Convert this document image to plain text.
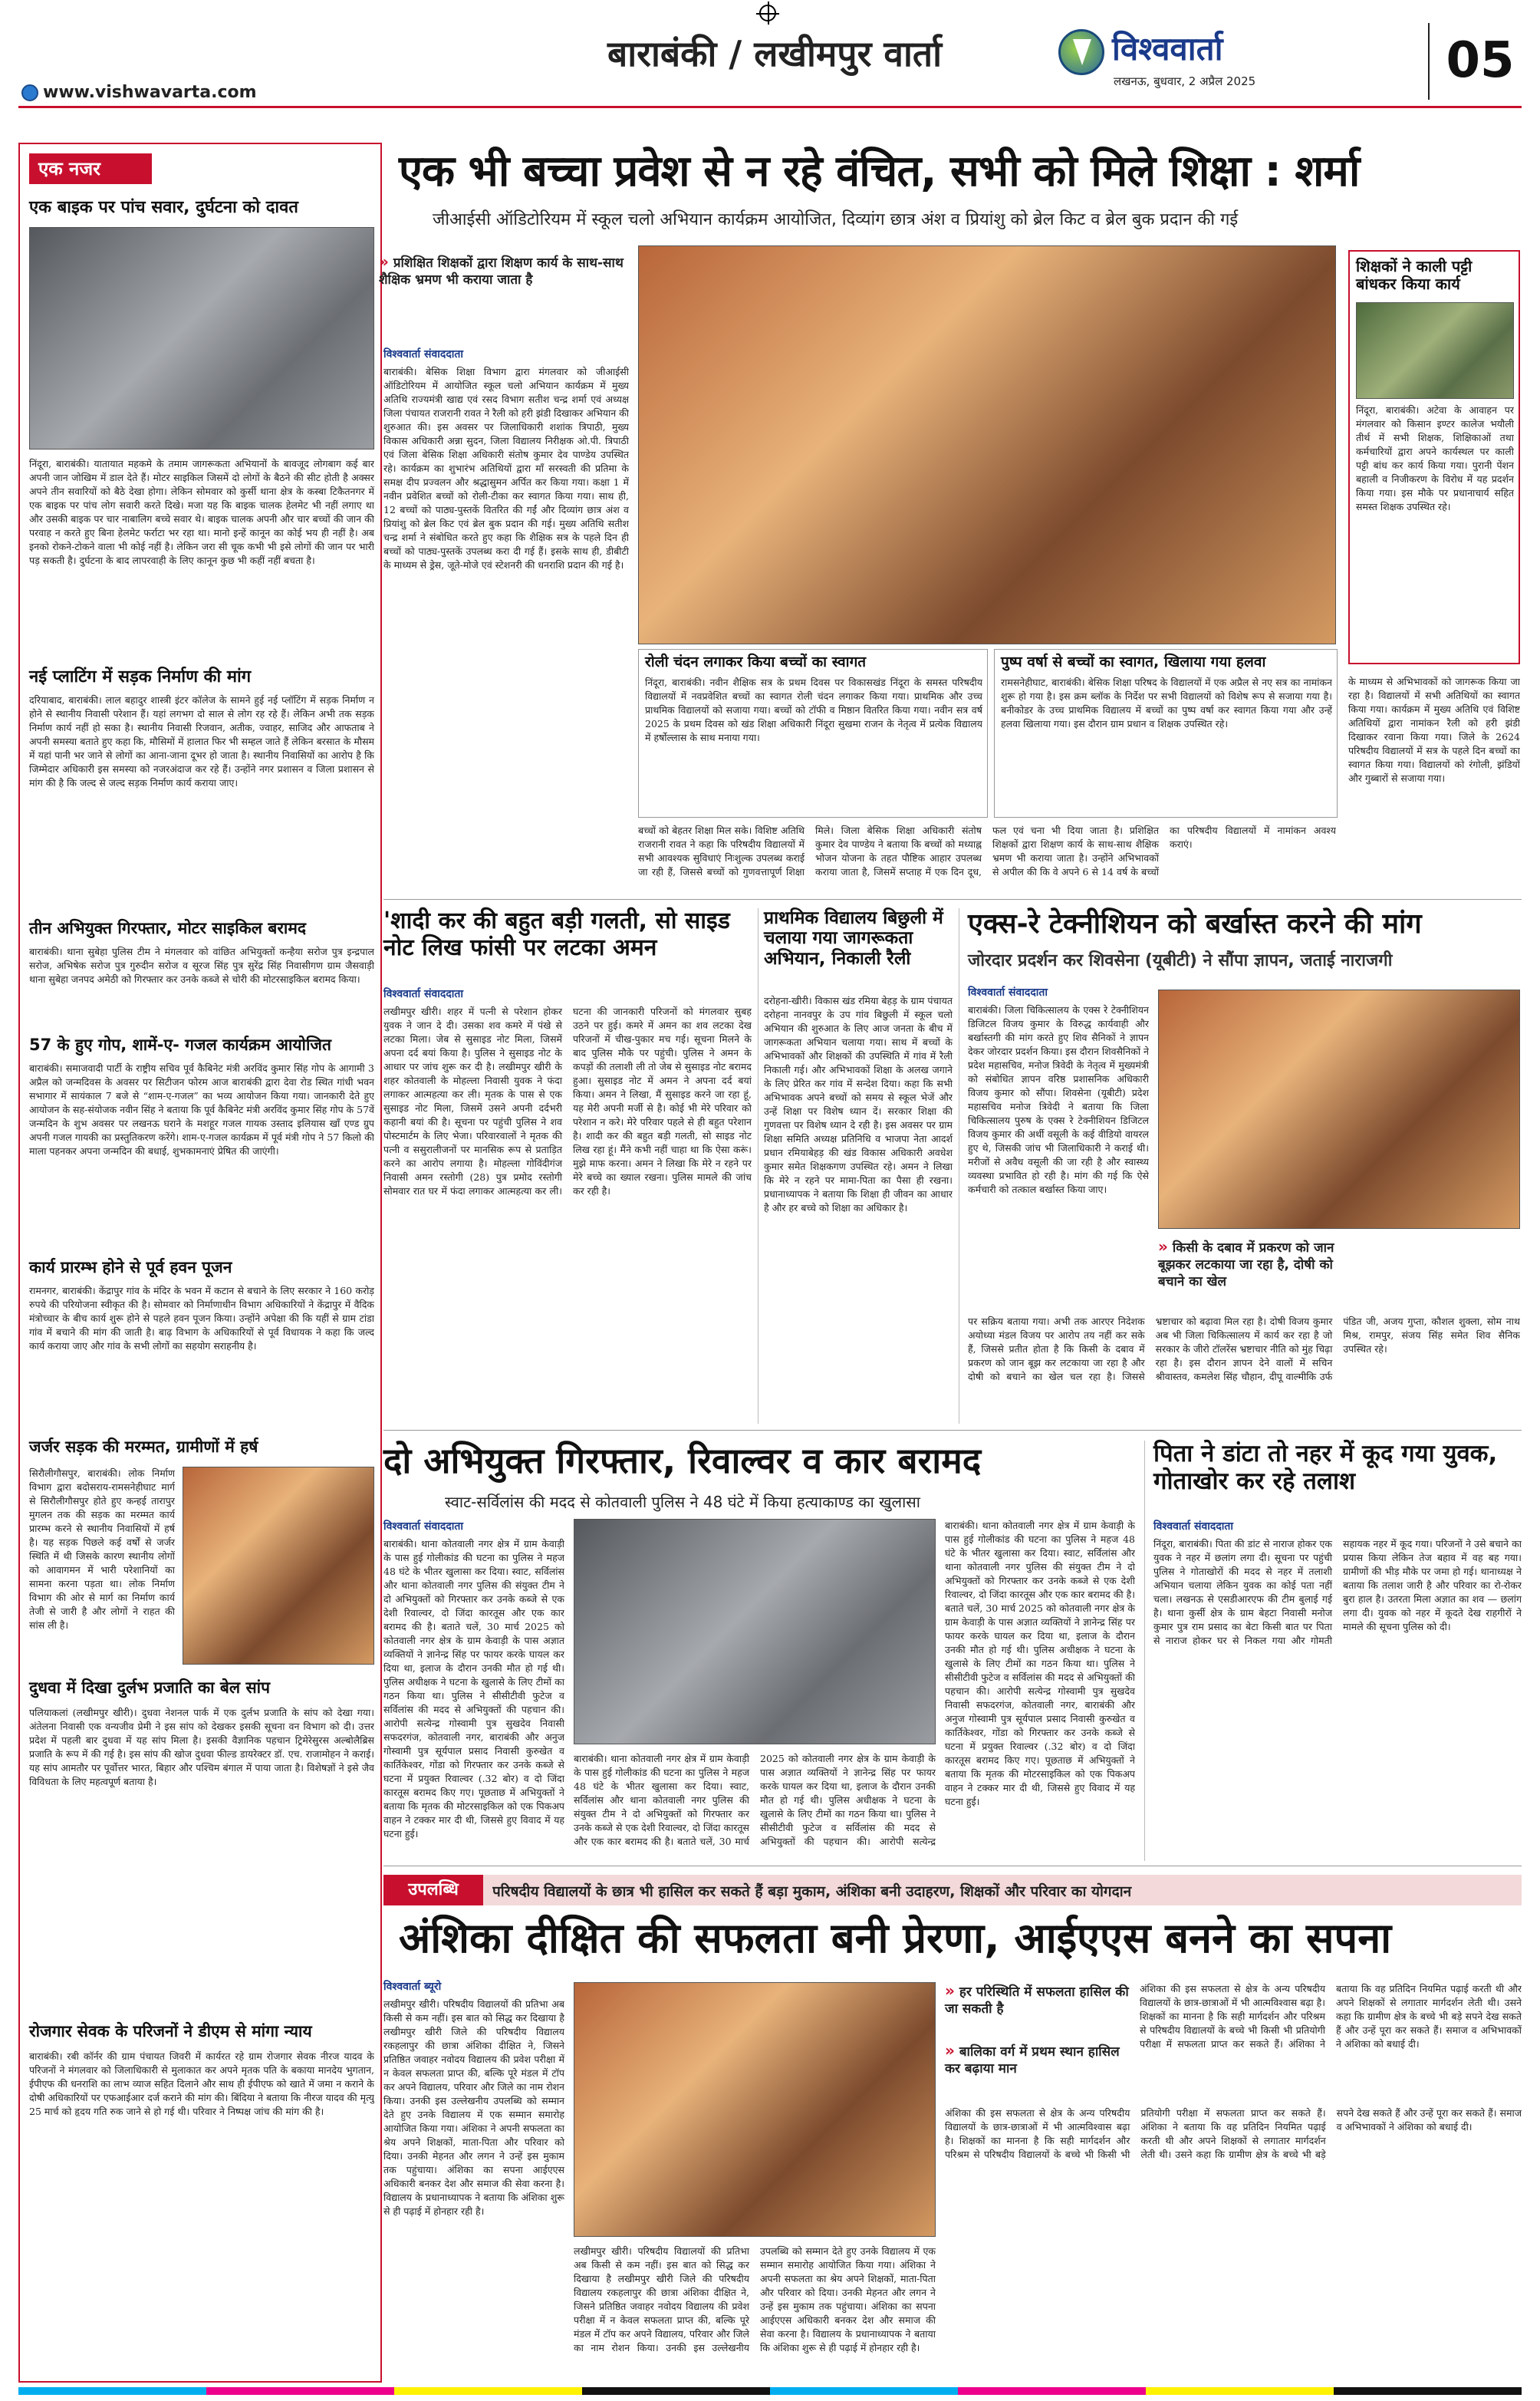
बाराबंकी / लखीमपुर वार्ता	विश्ववार्ता
लखनऊ, बुधवार, 2 अप्रैल 2025	05
www.vishwavarta.com
एक नजर
एक बाइक पर पांच सवार, दुर्घटना को दावत
निंदूरा, बाराबंकी। यातायात महकमे के तमाम जागरूकता अभियानों के बावजूद लोगबाग कई बार अपनी जान जोखिम में डाल देते हैं। मोटर साइकिल जिसमें दो लोगों के बैठने की सीट होती है अक्सर अपने तीन सवारियों को बैठे देखा होगा। लेकिन सोमवार को कुर्सी थाना क्षेत्र के कस्बा टिकैतनगर में एक बाइक पर पांच लोग सवारी करते दिखे। मजा यह कि बाइक चालक हेलमेट भी नहीं लगाए था और उसकी बाइक पर चार नाबालिग बच्चे सवार थे। बाइक चालक अपनी और चार बच्चों की जान की परवाह न करते हुए बिना हेलमेट फर्राटा भर रहा था। मानो इन्हें कानून का कोई भय ही नहीं है। अब इनको रोकने-टोकने वाला भी कोई नहीं है। लेकिन जरा सी चूक कभी भी इसे लोगों की जान पर भारी पड़ सकती है। दुर्घटना के बाद लापरवाही के लिए कानून कुछ भी कहीं नहीं बचता है।
नई प्लाटिंग में सड़क निर्माण की मांग
दरियाबाद, बाराबंकी। लाल बहादुर शास्त्री इंटर कॉलेज के सामने हुई नई प्लॉटिंग में सड़क निर्माण न होने से स्थानीय निवासी परेशान हैं। यहां लगभग दो साल से लोग रह रहे हैं। लेकिन अभी तक सड़क निर्माण कार्य नहीं हो सका है। स्थानीय निवासी रिजवान, अतीक, ज्वाहर, साजिद और आफताब ने अपनी समस्या बताते हुए कहा कि, मौसिमों में हालात फिर भी सम्हल जाते हैं लेकिन बरसात के मौसम में यहां पानी भर जाने से लोगों का आना-जाना दूभर हो जाता है। स्थानीय निवासियों का आरोप है कि जिम्मेदार अधिकारी इस समस्या को नजरअंदाज कर रहे हैं। उन्होंने नगर प्रशासन व जिला प्रशासन से मांग की है कि जल्द से जल्द सड़क निर्माण कार्य कराया जाए।
तीन अभियुक्त गिरफ्तार, मोटर साइकिल बरामद
बाराबंकी। थाना सुबेहा पुलिस टीम ने मंगलवार को वांछित अभियुक्तों कन्हैया सरोज पुत्र इन्द्रपाल सरोज, अभिषेक सरोज पुत्र गुरुदीन सरोज व सूरज सिंह पुत्र सुरेंद्र सिंह निवासीगण ग्राम जैसवाड़ी थाना सुबेहा जनपद अमेठी को गिरफ्तार कर उनके कब्जे से चोरी की मोटरसाइकिल बरामद किया।
57 के हुए गोप, शामें-ए- गजल कार्यक्रम आयोजित
बाराबंकी। समाजवादी पार्टी के राष्ट्रीय सचिव पूर्व कैबिनेट मंत्री अरविंद कुमार सिंह गोप के आगामी 3 अप्रैल को जन्मदिवस के अवसर पर सिटीजन फोरम आज बाराबंकी द्वारा देवा रोड स्थित गांधी भवन सभागार में सायंकाल 7 बजे से “शाम-ए-गजल” का भव्य आयोजन किया गया। जानकारी देते हुए आयोजन के सह-संयोजक नवीन सिंह ने बताया कि पूर्व कैबिनेट मंत्री अरविंद कुमार सिंह गोप के 57वें जन्मदिन के शुभ अवसर पर लखनऊ घराने के मशहूर गजल गायक उस्ताद इलियास खाँ एण्ड ग्रुप अपनी गजल गायकी का प्रस्तुतिकरण करेंगे। शाम-ए-गजल कार्यक्रम में पूर्व मंत्री गोप ने 57 किलो की माला पहनकर अपना जन्मदिन की बधाई, शुभकामनाएं प्रेषित की जाएंगी।
कार्य प्रारम्भ होने से पूर्व हवन पूजन
रामनगर, बाराबंकी। केंद्रापुर गांव के मंदिर के भवन में कटान से बचाने के लिए सरकार ने 160 करोड़ रुपये की परियोजना स्वीकृत की है। सोमवार को निर्माणाधीन विभाग अधिकारियों ने केंद्रापुर में वैदिक मंत्रोच्चार के बीच कार्य शुरू होने से पहले हवन पूजन किया। उन्होंने अपेक्षा की कि यहीं से ग्राम टांडा गांव में बचाने की मांग की जाती है। बाढ़ विभाग के अधिकारियों से पूर्व विधायक ने कहा कि जल्द कार्य कराया जाए और गांव के सभी लोगों का सहयोग सराहनीय है।
जर्जर सड़क की मरम्मत, ग्रामीणों में हर्ष
सिरौलीगौसपुर, बाराबंकी। लोक निर्माण विभाग द्वारा बदोसराय-रामसनेहीघाट मार्ग से सिरौलीगौसपुर होते हुए कन्हई तारापुर मुगलन तक की सड़क का मरम्मत कार्य प्रारम्भ करने से स्थानीय निवासियों में हर्ष है। यह सड़क पिछले कई वर्षों से जर्जर स्थिति में थी जिसके कारण स्थानीय लोगों को आवागमन में भारी परेशानियों का सामना करना पड़ता था। लोक निर्माण विभाग की ओर से मार्ग का निर्माण कार्य तेजी से जारी है और लोगों ने राहत की सांस ली है।
दुधवा में दिखा दुर्लभ प्रजाति का बेल सांप
पलियाकलां (लखीमपुर खीरी)। दुधवा नेशनल पार्क में एक दुर्लभ प्रजाति के सांप को देखा गया। अंतेलना निवासी एक वन्यजीव प्रेमी ने इस सांप को देखकर इसकी सूचना वन विभाग को दी। उत्तर प्रदेश में पहली बार दुधवा में यह सांप मिला है। इसकी वैज्ञानिक पहचान ट्रिमेरेसुरस अल्बोलैब्रिस प्रजाति के रूप में की गई है। इस सांप की खोज दुधवा फील्ड डायरेक्टर डॉ. एच. राजामोहन ने कराई। यह सांप आमतौर पर पूर्वोत्तर भारत, बिहार और पश्चिम बंगाल में पाया जाता है। विशेषज्ञों ने इसे जैव विविधता के लिए महत्वपूर्ण बताया है।
रोजगार सेवक के परिजनों ने डीएम से मांगा न्याय
बाराबंकी। रबी कॉर्नर की ग्राम पंचायत जिवरी में कार्यरत रहे ग्राम रोजगार सेवक नीरज यादव के परिजनों ने मंगलवार को जिलाधिकारी से मुलाकात कर अपने मृतक पति के बकाया मानदेय भुगतान, ईपीएफ की धनराशि का लाभ व्याज सहित दिलाने और साथ ही ईपीएफ को खाते में जमा न कराने के दोषी अधिकारियों पर एफआईआर दर्ज कराने की मांग की। बिंदिया ने बताया कि नीरज यादव की मृत्यु 25 मार्च को हृदय गति रुक जाने से हो गई थी। परिवार ने निष्पक्ष जांच की मांग की है।
एक भी बच्चा प्रवेश से न रहे वंचित, सभी को मिले शिक्षा : शर्मा
जीआईसी ऑडिटोरियम में स्कूल चलो अभियान कार्यक्रम आयोजित, दिव्यांग छात्र अंश व प्रियांशु को ब्रेल किट व ब्रेल बुक प्रदान की गई
» प्रशिक्षित शिक्षकों द्वारा शिक्षण कार्य के साथ-साथ शैक्षिक भ्रमण भी कराया जाता है
विश्ववार्ता संवाददाता
बाराबंकी। बेसिक शिक्षा विभाग द्वारा मंगलवार को जीआईसी ऑडिटोरियम में आयोजित स्कूल चलो अभियान कार्यक्रम में मुख्य अतिथि राज्यमंत्री खाद्य एवं रसद विभाग सतीश चन्द्र शर्मा एवं अध्यक्ष जिला पंचायत राजरानी रावत ने रैली को हरी झंडी दिखाकर अभियान की शुरुआत की। इस अवसर पर जिलाधिकारी शशांक त्रिपाठी, मुख्य विकास अधिकारी अन्ना सुदन, जिला विद्यालय निरीक्षक ओ.पी. त्रिपाठी एवं जिला बेसिक शिक्षा अधिकारी संतोष कुमार देव पाण्डेय उपस्थित रहे। कार्यक्रम का शुभारंभ अतिथियों द्वारा माँ सरस्वती की प्रतिमा के समक्ष दीप प्रज्वलन और श्रद्धासुमन अर्पित कर किया गया। कक्षा 1 में नवीन प्रवेशित बच्चों को रोली-टीका कर स्वागत किया गया। साथ ही, 12 बच्चों को पाठ्य-पुस्तकें वितरित की गईं और दिव्यांग छात्र अंश व प्रियांशु को ब्रेल किट एवं ब्रेल बुक प्रदान की गई। मुख्य अतिथि सतीश चन्द्र शर्मा ने संबोधित करते हुए कहा कि शैक्षिक सत्र के पहले दिन ही बच्चों को पाठ्य-पुस्तकें उपलब्ध करा दी गई हैं। इसके साथ ही, डीबीटी के माध्यम से ड्रेस, जूते-मोजे एवं स्टेशनरी की धनराशि प्रदान की गई है।
शिक्षकों ने काली पट्टी बांधकर किया कार्य
निंदूरा, बाराबंकी। अटेवा के आवाहन पर मंगलवार को किसान इण्टर कालेज भयौली तीर्थ में सभी शिक्षक, शिक्षिकाओं तथा कर्मचारियों द्वारा अपने कार्यस्थल पर काली पट्टी बांध कर कार्य किया गया। पुरानी पेंशन बहाली व निजीकरण के विरोध में यह प्रदर्शन किया गया। इस मौके पर प्रधानाचार्य सहित समस्त शिक्षक उपस्थित रहे।
के माध्यम से अभिभावकों को जागरूक किया जा रहा है। विद्यालयों में सभी अतिथियों का स्वागत किया गया। कार्यक्रम में मुख्य अतिथि एवं विशिष्ट अतिथियों द्वारा नामांकन रैली को हरी झंडी दिखाकर रवाना किया गया। जिले के 2624 परिषदीय विद्यालयों में सत्र के पहले दिन बच्चों का स्वागत किया गया। विद्यालयों को रंगोली, झंडियों और गुब्बारों से सजाया गया।
रोली चंदन लगाकर किया बच्चों का स्वागत
निंदूरा, बाराबंकी। नवीन शैक्षिक सत्र के प्रथम दिवस पर विकासखंड निंदूरा के समस्त परिषदीय विद्यालयों में नवप्रवेशित बच्चों का स्वागत रोली चंदन लगाकर किया गया। प्राथमिक और उच्च प्राथमिक विद्यालयों को सजाया गया। बच्चों को टॉफी व मिष्ठान वितरित किया गया। नवीन सत्र वर्ष 2025 के प्रथम दिवस को खंड शिक्षा अधिकारी निंदूरा सुखमा राजन के नेतृत्व में प्रत्येक विद्यालय में हर्षोल्लास के साथ मनाया गया।
पुष्प वर्षा से बच्चों का स्वागत, खिलाया गया हलवा
रामसनेहीघाट, बाराबंकी। बेसिक शिक्षा परिषद के विद्यालयों में एक अप्रैल से नए सत्र का नामांकन शुरू हो गया है। इस क्रम ब्लॉक के निर्देश पर सभी विद्यालयों को विशेष रूप से सजाया गया है। बनीकोडर के उच्च प्राथमिक विद्यालय में बच्चों का पुष्प वर्षा कर स्वागत किया गया और उन्हें हलवा खिलाया गया। इस दौरान ग्राम प्रधान व शिक्षक उपस्थित रहे।
बच्चों को बेहतर शिक्षा मिल सके। विशिष्ट अतिथि राजरानी रावत ने कहा कि परिषदीय विद्यालयों में सभी आवश्यक सुविधाएं निःशुल्क उपलब्ध कराई जा रही हैं, जिससे बच्चों को गुणवत्तापूर्ण शिक्षा मिले। जिला बेसिक शिक्षा अधिकारी संतोष कुमार देव पाण्डेय ने बताया कि बच्चों को मध्याह्न भोजन योजना के तहत पौष्टिक आहार उपलब्ध कराया जाता है, जिसमें सप्ताह में एक दिन दूध, फल एवं चना भी दिया जाता है। प्रशिक्षित शिक्षकों द्वारा शिक्षण कार्य के साथ-साथ शैक्षिक भ्रमण भी कराया जाता है। उन्होंने अभिभावकों से अपील की कि वे अपने 6 से 14 वर्ष के बच्चों का परिषदीय विद्यालयों में नामांकन अवश्य कराएं।
'शादी कर की बहुत बड़ी गलती, सो साइड नोट लिख फांसी पर लटका अमन
विश्ववार्ता संवाददाता
लखीमपुर खीरी। शहर में पत्नी से परेशान होकर युवक ने जान दे दी। उसका शव कमरे में पंखे से लटका मिला। जेब से सुसाइड नोट मिला, जिसमें अपना दर्द बयां किया है। पुलिस ने सुसाइड नोट के आधार पर जांच शुरू कर दी है। लखीमपुर खीरी के शहर कोतवाली के मोहल्ला निवासी युवक ने फंदा लगाकर आत्महत्या कर ली। मृतक के पास से एक सुसाइड नोट मिला, जिसमें उसने अपनी दर्दभरी कहानी बयां की है। सूचना पर पहुंची पुलिस ने शव पोस्टमार्टम के लिए भेजा। परिवारवालों ने मृतक की पत्नी व ससुरालीजनों पर मानसिक रूप से प्रताड़ित करने का आरोप लगाया है। मोहल्ला गोविंदीगंज निवासी अमन रस्तोगी (28) पुत्र प्रमोद रस्तोगी सोमवार रात घर में फंदा लगाकर आत्महत्या कर ली। घटना की जानकारी परिजनों को मंगलवार सुबह उठने पर हुई। कमरे में अमन का शव लटका देख परिजनों में चीख-पुकार मच गई। सूचना मिलने के बाद पुलिस मौके पर पहुंची। पुलिस ने अमन के कपड़ों की तलाशी ली तो जेब से सुसाइड नोट बरामद हुआ। सुसाइड नोट में अमन ने अपना दर्द बयां किया। अमन ने लिखा, मैं सुसाइड करने जा रहा हूं, यह मेरी अपनी मर्जी से है। कोई भी मेरे परिवार को परेशान न करे। मेरे परिवार पहले से ही बहुत परेशान है। शादी कर की बहुत बड़ी गलती, सो साइड नोट लिख रहा हूं। मैंने कभी नहीं चाहा था कि ऐसा करूं। मुझे माफ करना। अमन ने लिखा कि मेरे न रहने पर मेरे बच्चे का ख्याल रखना। पुलिस मामले की जांच कर रही है।
प्राथमिक विद्यालय बिछुली में चलाया गया जागरूकता अभियान, निकाली रैली
दरोहना-खीरी। विकास खंड रमिया बेहड़ के ग्राम पंचायत दरोहना नानवपुर के उप गांव बिछुली में स्कूल चलो अभियान की शुरुआत के लिए आज जनता के बीच में जागरूकता अभियान चलाया गया। साथ में बच्चों के अभिभावकों और शिक्षकों की उपस्थिति में गांव में रैली निकाली गई। और अभिभावकों शिक्षा के अलख जगाने के लिए प्रेरित कर गांव में सन्देश दिया। कहा कि सभी अभिभावक अपने बच्चों को समय से स्कूल भेजें और उन्हें शिक्षा पर विशेष ध्यान दें। सरकार शिक्षा की गुणवत्ता पर विशेष ध्यान दे रही है। इस अवसर पर ग्राम शिक्षा समिति अध्यक्ष प्रतिनिधि व भाजपा नेता आदर्श प्रधान रमियाबेहड़ की खंड विकास अधिकारी अवधेश कुमार समेत शिक्षकगण उपस्थित रहे। अमन ने लिखा कि मेरे न रहने पर मामा-पिता का पैसा ही रखना। प्रधानाध्यापक ने बताया कि शिक्षा ही जीवन का आधार है और हर बच्चे को शिक्षा का अधिकार है।
एक्स-रे टेक्नीशियन को बर्खास्त करने की मांग
जोरदार प्रदर्शन कर शिवसेना (यूबीटी) ने सौंपा ज्ञापन, जताई नाराजगी
विश्ववार्ता संवाददाता
बाराबंकी। जिला चिकित्सालय के एक्स रे टेक्नीशियन डिजिटल विजय कुमार के विरुद्ध कार्यवाही और बर्खास्तगी की मांग करते हुए शिव सैनिकों ने ज्ञापन देकर जोरदार प्रदर्शन किया। इस दौरान शिवसैनिकों ने प्रदेश महासचिव, मनोज त्रिवेदी के नेतृत्व में मुख्यमंत्री को संबोधित ज्ञापन वरिष्ठ प्रशासनिक अधिकारी विजय कुमार को सौंपा। शिवसेना (यूबीटी) प्रदेश महासचिव मनोज त्रिवेदी ने बताया कि जिला चिकित्सालय पुरुष के एक्स रे टेक्नीशियन डिजिटल विजय कुमार की अर्थी वसूली के कई वीडियो वायरल हुए थे, जिसकी जांच भी जिलाधिकारी ने कराई थी। मरीजों से अवैध वसूली की जा रही है और स्वास्थ्य व्यवस्था प्रभावित हो रही है। मांग की गई कि ऐसे कर्मचारी को तत्काल बर्खास्त किया जाए।
» किसी के दबाव में प्रकरण को जान बूझकर लटकाया जा रहा है, दोषी को बचाने का खेल
पर सक्रिय बताया गया। अभी तक आरएर निदेशक अयोध्या मंडल विजय पर आरोप तय नहीं कर सके हैं, जिससे प्रतीत होता है कि किसी के दबाव में प्रकरण को जान बूझ कर लटकाया जा रहा है और दोषी को बचाने का खेल चल रहा है। जिससे भ्रष्टाचार को बढ़ावा मिल रहा है। दोषी विजय कुमार अब भी जिला चिकित्सालय में कार्य कर रहा है जो सरकार के जीरो टॉलरेंस भ्रष्टाचार नीति को मुंह चिढ़ा रहा है। इस दौरान ज्ञापन देने वालों में सचिन श्रीवास्तव, कमलेश सिंह चौहान, दीपू वाल्मीकि उर्फ पंडित जी, अजय गुप्ता, कौशल शुक्ला, सोम नाथ मिश्र, रामपुर, संजय सिंह समेत शिव सैनिक उपस्थित रहे।
दो अभियुक्त गिरफ्तार, रिवाल्वर व कार बरामद
स्वाट-सर्विलांस की मदद से कोतवाली पुलिस ने 48 घंटे में किया हत्याकाण्ड का खुलासा
विश्ववार्ता संवाददाता
बाराबंकी। थाना कोतवाली नगर क्षेत्र में ग्राम केवाड़ी के पास हुई गोलीकांड की घटना का पुलिस ने महज 48 घंटे के भीतर खुलासा कर दिया। स्वाट, सर्विलांस और थाना कोतवाली नगर पुलिस की संयुक्त टीम ने दो अभियुक्तों को गिरफ्तार कर उनके कब्जे से एक देशी रिवाल्वर, दो जिंदा कारतूस और एक कार बरामद की है। बताते चलें, 30 मार्च 2025 को कोतवाली नगर क्षेत्र के ग्राम केवाड़ी के पास अज्ञात व्यक्तियों ने ज्ञानेन्द्र सिंह पर फायर करके घायल कर दिया था, इलाज के दौरान उनकी मौत हो गई थी। पुलिस अधीक्षक ने घटना के खुलासे के लिए टीमों का गठन किया था। पुलिस ने सीसीटीवी फुटेज व सर्विलांस की मदद से अभियुक्तों की पहचान की। आरोपी सत्येन्द्र गोस्वामी पुत्र सुखदेव निवासी सफदरगंज, कोतवाली नगर, बाराबंकी और अनुज गोस्वामी पुत्र सूर्यपाल प्रसाद निवासी कुरुखेत व कार्तिकेश्वर, गोंडा को गिरफ्तार कर उनके कब्जे से घटना में प्रयुक्त रिवाल्वर (.32 बोर) व दो जिंदा कारतूस बरामद किए गए। पूछताछ में अभियुक्तों ने बताया कि मृतक की मोटरसाइकिल को एक पिकअप वाहन ने टक्कर मार दी थी, जिससे हुए विवाद में यह घटना हुई।
बाराबंकी। थाना कोतवाली नगर क्षेत्र में ग्राम केवाड़ी के पास हुई गोलीकांड की घटना का पुलिस ने महज 48 घंटे के भीतर खुलासा कर दिया। स्वाट, सर्विलांस और थाना कोतवाली नगर पुलिस की संयुक्त टीम ने दो अभियुक्तों को गिरफ्तार कर उनके कब्जे से एक देशी रिवाल्वर, दो जिंदा कारतूस और एक कार बरामद की है। बताते चलें, 30 मार्च 2025 को कोतवाली नगर क्षेत्र के ग्राम केवाड़ी के पास अज्ञात व्यक्तियों ने ज्ञानेन्द्र सिंह पर फायर करके घायल कर दिया था, इलाज के दौरान उनकी मौत हो गई थी। पुलिस अधीक्षक ने घटना के खुलासे के लिए टीमों का गठन किया था। पुलिस ने सीसीटीवी फुटेज व सर्विलांस की मदद से अभियुक्तों की पहचान की। आरोपी सत्येन्द्र गोस्वामी पुत्र सुखदेव निवासी सफदरगंज, कोतवाली नगर, बाराबंकी और अनुज गोस्वामी पुत्र सूर्यपाल प्रसाद निवासी कुरुखेत व कार्तिकेश्वर, गोंडा को गिरफ्तार कर उनके कब्जे से घटना में प्रयुक्त रिवाल्वर (.32 बोर) व दो जिंदा कारतूस बरामद किए गए। पूछताछ में अभियुक्तों ने बताया कि मृतक की मोटरसाइकिल को एक पिकअप वाहन ने टक्कर मार दी थी, जिससे हुए विवाद में यह घटना हुई।
बाराबंकी। थाना कोतवाली नगर क्षेत्र में ग्राम केवाड़ी के पास हुई गोलीकांड की घटना का पुलिस ने महज 48 घंटे के भीतर खुलासा कर दिया। स्वाट, सर्विलांस और थाना कोतवाली नगर पुलिस की संयुक्त टीम ने दो अभियुक्तों को गिरफ्तार कर उनके कब्जे से एक देशी रिवाल्वर, दो जिंदा कारतूस और एक कार बरामद की है। बताते चलें, 30 मार्च 2025 को कोतवाली नगर क्षेत्र के ग्राम केवाड़ी के पास अज्ञात व्यक्तियों ने ज्ञानेन्द्र सिंह पर फायर करके घायल कर दिया था, इलाज के दौरान उनकी मौत हो गई थी। पुलिस अधीक्षक ने घटना के खुलासे के लिए टीमों का गठन किया था। पुलिस ने सीसीटीवी फुटेज व सर्विलांस की मदद से अभियुक्तों की पहचान की। आरोपी सत्येन्द्र
पिता ने डांटा तो नहर में कूद गया युवक, गोताखोर कर रहे तलाश
विश्ववार्ता संवाददाता
निंदूरा, बाराबंकी। पिता की डांट से नाराज होकर एक युवक ने नहर में छलांग लगा दी। सूचना पर पहुंची पुलिस ने गोताखोरों की मदद से नहर में तलाशी अभियान चलाया लेकिन युवक का कोई पता नहीं चला। लखनऊ से एसडीआरएफ की टीम बुलाई गई है। थाना कुर्सी क्षेत्र के ग्राम बेहटा निवासी मनोज कुमार पुत्र राम प्रसाद का बेटा किसी बात पर पिता से नाराज होकर घर से निकल गया और गोमती सहायक नहर में कूद गया। परिजनों ने उसे बचाने का प्रयास किया लेकिन तेज बहाव में वह बह गया। ग्रामीणों की भीड़ मौके पर जमा हो गई। थानाध्यक्ष ने बताया कि तलाश जारी है और परिवार का रो-रोकर बुरा हाल है। उतरता मिला अज्ञात का शव — छलांग लगा दी। युवक को नहर में कूदते देख राहगीरों ने मामले की सूचना पुलिस को दी।
उपलब्धि	परिषदीय विद्यालयों के छात्र भी हासिल कर सकते हैं बड़ा मुकाम, अंशिका बनी उदाहरण, शिक्षकों और परिवार का योगदान
अंशिका दीक्षित की सफलता बनी प्रेरणा, आईएएस बनने का सपना
विश्ववार्ता ब्यूरो
लखीमपुर खीरी। परिषदीय विद्यालयों की प्रतिभा अब किसी से कम नहीं। इस बात को सिद्ध कर दिखाया है लखीमपुर खीरी जिले की परिषदीय विद्यालय रकहलापुर की छात्रा अंशिका दीक्षित ने, जिसने प्रतिष्ठित जवाहर नवोदय विद्यालय की प्रवेश परीक्षा में न केवल सफलता प्राप्त की, बल्कि पूरे मंडल में टॉप कर अपने विद्यालय, परिवार और जिले का नाम रोशन किया। उनकी इस उल्लेखनीय उपलब्धि को सम्मान देते हुए उनके विद्यालय में एक सम्मान समारोह आयोजित किया गया। अंशिका ने अपनी सफलता का श्रेय अपने शिक्षकों, माता-पिता और परिवार को दिया। उनकी मेहनत और लगन ने उन्हें इस मुकाम तक पहुंचाया। अंशिका का सपना आईएएस अधिकारी बनकर देश और समाज की सेवा करना है। विद्यालय के प्रधानाध्यापक ने बताया कि अंशिका शुरू से ही पढ़ाई में होनहार रही है।
लखीमपुर खीरी। परिषदीय विद्यालयों की प्रतिभा अब किसी से कम नहीं। इस बात को सिद्ध कर दिखाया है लखीमपुर खीरी जिले की परिषदीय विद्यालय रकहलापुर की छात्रा अंशिका दीक्षित ने, जिसने प्रतिष्ठित जवाहर नवोदय विद्यालय की प्रवेश परीक्षा में न केवल सफलता प्राप्त की, बल्कि पूरे मंडल में टॉप कर अपने विद्यालय, परिवार और जिले का नाम रोशन किया। उनकी इस उल्लेखनीय उपलब्धि को सम्मान देते हुए उनके विद्यालय में एक सम्मान समारोह आयोजित किया गया। अंशिका ने अपनी सफलता का श्रेय अपने शिक्षकों, माता-पिता और परिवार को दिया। उनकी मेहनत और लगन ने उन्हें इस मुकाम तक पहुंचाया। अंशिका का सपना आईएएस अधिकारी बनकर देश और समाज की सेवा करना है। विद्यालय के प्रधानाध्यापक ने बताया कि अंशिका शुरू से ही पढ़ाई में होनहार रही है।
» हर परिस्थिति में सफलता हासिल की जा सकती है
» बालिका वर्ग में प्रथम स्थान हासिल कर बढ़ाया मान
अंशिका की इस सफलता से क्षेत्र के अन्य परिषदीय विद्यालयों के छात्र-छात्राओं में भी आत्मविश्वास बढ़ा है। शिक्षकों का मानना है कि सही मार्गदर्शन और परिश्रम से परिषदीय विद्यालयों के बच्चे भी किसी भी प्रतियोगी परीक्षा में सफलता प्राप्त कर सकते हैं। अंशिका ने बताया कि वह प्रतिदिन नियमित पढ़ाई करती थी और अपने शिक्षकों से लगातार मार्गदर्शन लेती थी। उसने कहा कि ग्रामीण क्षेत्र के बच्चे भी बड़े सपने देख सकते हैं और उन्हें पूरा कर सकते हैं। समाज व अभिभावकों ने अंशिका को बधाई दी।
अंशिका की इस सफलता से क्षेत्र के अन्य परिषदीय विद्यालयों के छात्र-छात्राओं में भी आत्मविश्वास बढ़ा है। शिक्षकों का मानना है कि सही मार्गदर्शन और परिश्रम से परिषदीय विद्यालयों के बच्चे भी किसी भी प्रतियोगी परीक्षा में सफलता प्राप्त कर सकते हैं। अंशिका ने बताया कि वह प्रतिदिन नियमित पढ़ाई करती थी और अपने शिक्षकों से लगातार मार्गदर्शन लेती थी। उसने कहा कि ग्रामीण क्षेत्र के बच्चे भी बड़े सपने देख सकते हैं और उन्हें पूरा कर सकते हैं। समाज व अभिभावकों ने अंशिका को बधाई दी।
